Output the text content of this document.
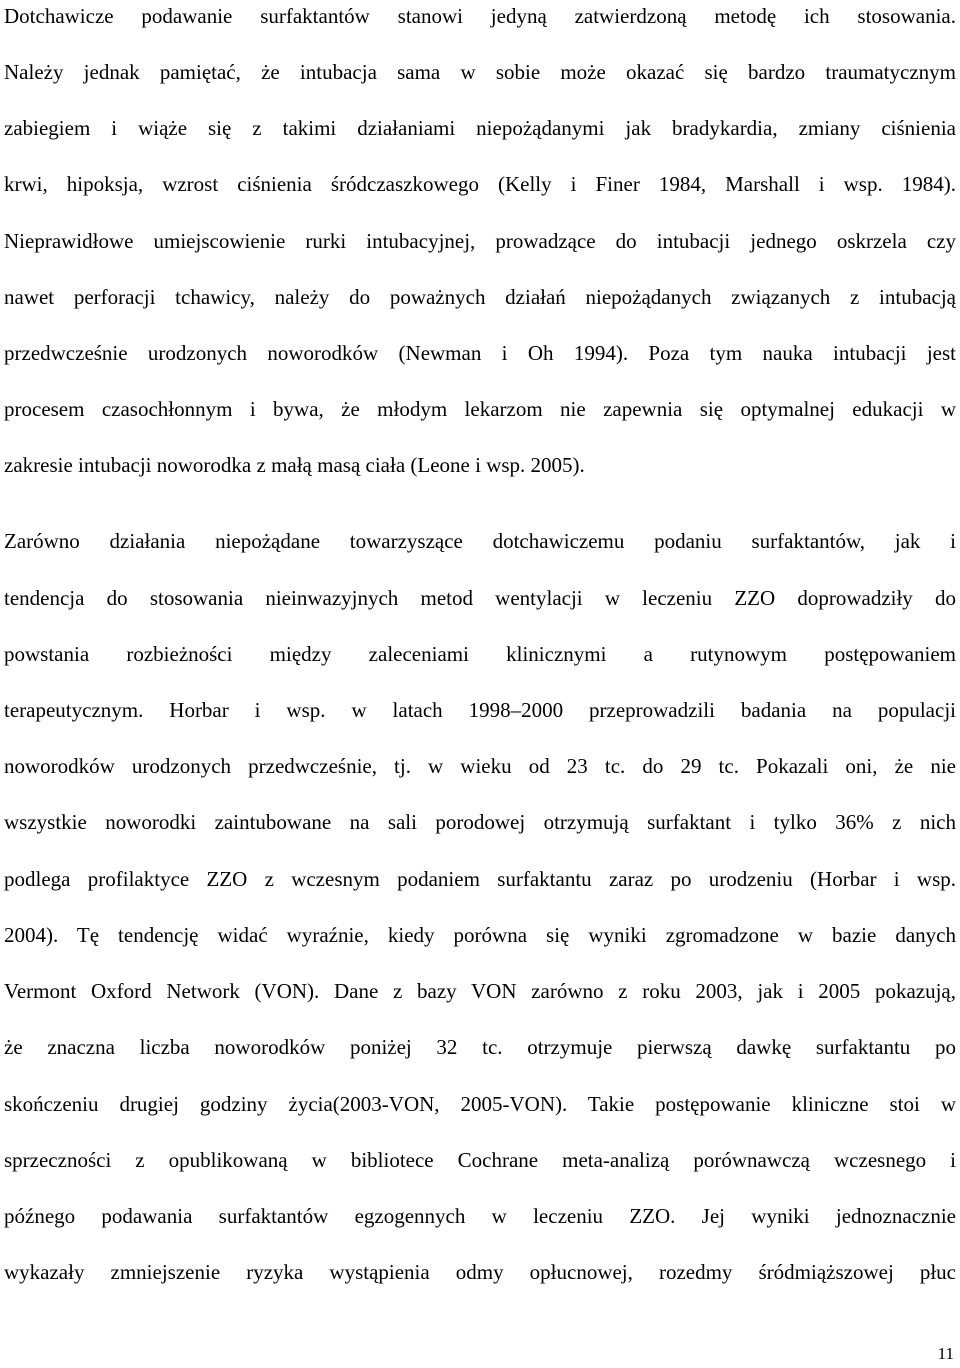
Dotchawicze podawanie surfaktantów stanowi jedyną zatwierdzoną metodę ich stosowania.
Należy jednak pamiętać, że intubacja sama w sobie może okazać się bardzo traumatycznym
zabiegiem i wiąże się z takimi działaniami niepożądanymi jak bradykardia, zmiany ciśnienia
krwi, hipoksja, wzrost ciśnienia śródczaszkowego (Kelly i Finer 1984, Marshall i wsp. 1984).
Nieprawidłowe umiejscowienie rurki intubacyjnej, prowadzące do intubacji jednego oskrzela czy
nawet perforacji tchawicy, należy do poważnych działań niepożądanych związanych z intubacją
przedwcześnie urodzonych noworodków (Newman i Oh 1994). Poza tym nauka intubacji jest
procesem czasochłonnym i bywa, że młodym lekarzom nie zapewnia się optymalnej edukacji w
zakresie intubacji noworodka z małą masą ciała (Leone i wsp. 2005).
Zarówno działania niepożądane towarzyszące dotchawiczemu podaniu surfaktantów, jak i
tendencja do stosowania nieinwazyjnych metod wentylacji w leczeniu ZZO doprowadziły do
powstania rozbieżności między zaleceniami klinicznymi a rutynowym postępowaniem
terapeutycznym. Horbar i wsp. w latach 1998–2000 przeprowadzili badania na populacji
noworodków urodzonych przedwcześnie, tj. w wieku od 23 tc. do 29 tc. Pokazali oni, że nie
wszystkie noworodki zaintubowane na sali porodowej otrzymują surfaktant i tylko 36% z nich
podlega profilaktyce ZZO z wczesnym podaniem surfaktantu zaraz po urodzeniu (Horbar i wsp.
2004). Tę tendencję widać wyraźnie, kiedy porówna się wyniki zgromadzone w bazie danych
Vermont Oxford Network (VON). Dane z bazy VON zarówno z roku 2003, jak i 2005 pokazują,
że znaczna liczba noworodków poniżej 32 tc. otrzymuje pierwszą dawkę surfaktantu po
skończeniu drugiej godziny życia(2003-VON, 2005-VON). Takie postępowanie kliniczne stoi w
sprzeczności z opublikowaną w bibliotece Cochrane meta-analizą porównawczą wczesnego i
późnego podawania surfaktantów egzogennych w leczeniu ZZO. Jej wyniki jednoznacznie
wykazały zmniejszenie ryzyka wystąpienia odmy opłucnowej, rozedmy śródmiąższowej płuc
11
